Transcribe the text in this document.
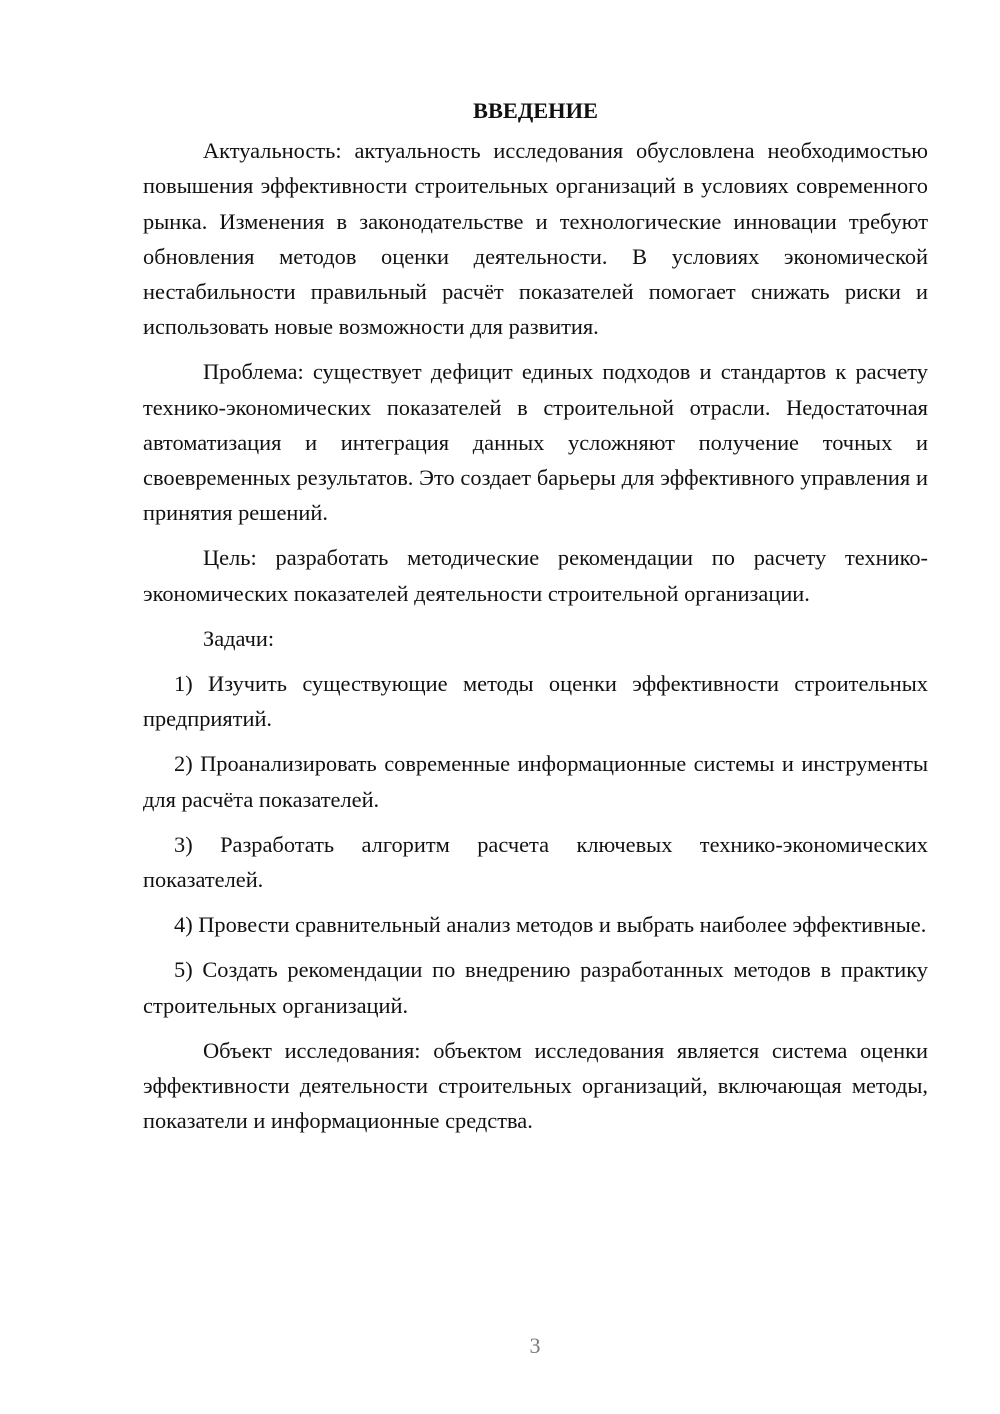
ВВЕДЕНИЕ

Актуальность: актуальность исследования обусловлена необходимостью повышения эффективности строительных организаций в условиях современного рынка. Изменения в законодательстве и технологические инновации требуют обновления методов оценки деятельности. В условиях экономической нестабильности правильный расчёт показателей помогает снижать риски и использовать новые возможности для развития.

Проблема: существует дефицит единых подходов и стандартов к расчету технико-экономических показателей в строительной отрасли. Недостаточная автоматизация и интеграция данных усложняют получение точных и своевременных результатов. Это создает барьеры для эффективного управления и принятия решений.

Цель: разработать методические рекомендации по расчету технико-экономических показателей деятельности строительной организации.

Задачи:

1) Изучить существующие методы оценки эффективности строительных предприятий.

2) Проанализировать современные информационные системы и инструменты для расчёта показателей.

3) Разработать алгоритм расчета ключевых технико-экономических показателей.

4) Провести сравнительный анализ методов и выбрать наиболее эффективные.

5) Создать рекомендации по внедрению разработанных методов в практику строительных организаций.

Объект исследования: объектом исследования является система оценки эффективности деятельности строительных организаций, включающая методы, показатели и информационные средства.

3
